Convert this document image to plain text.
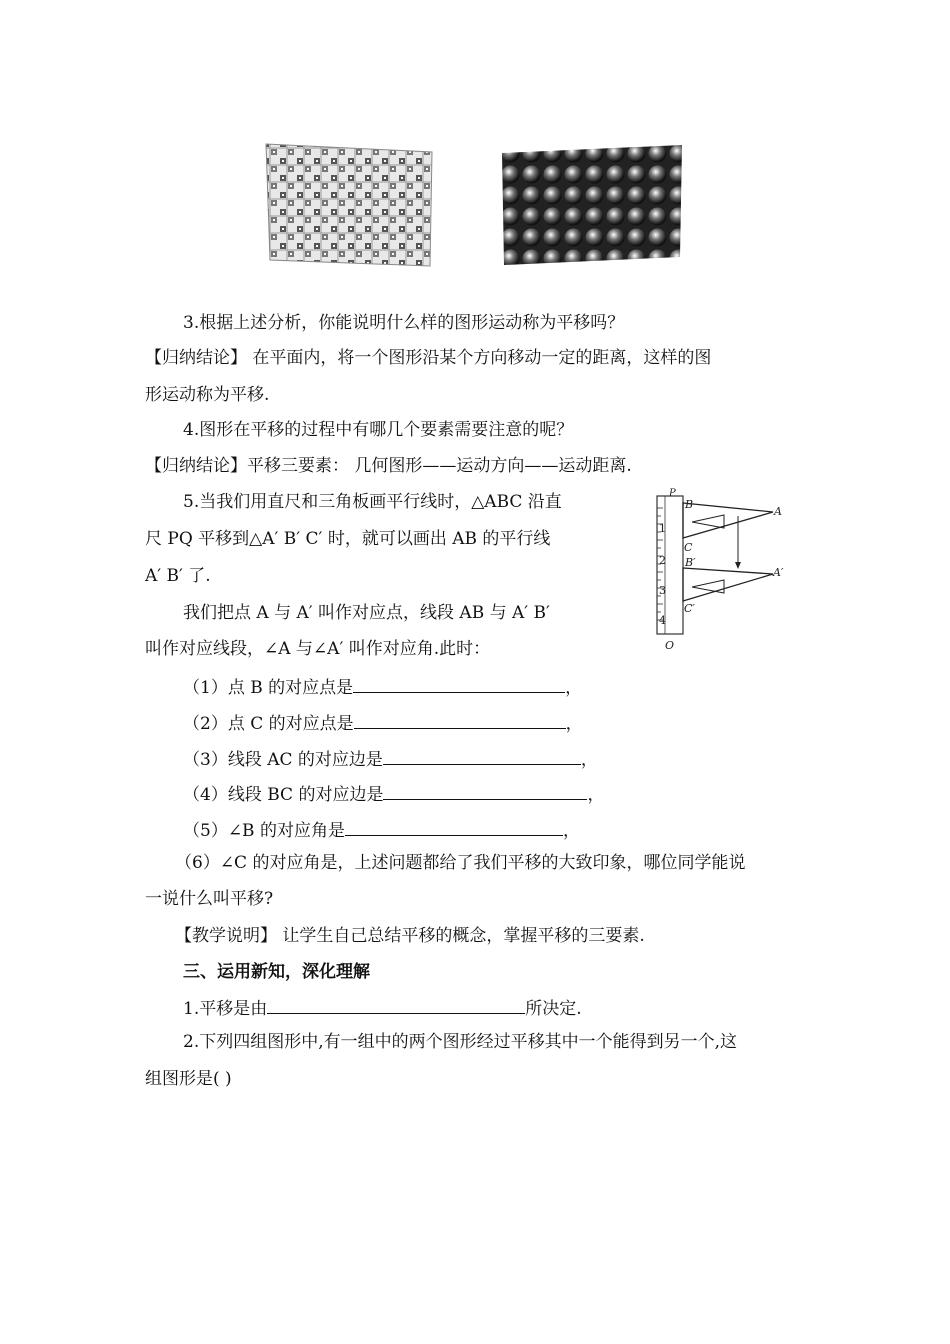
3.根据上述分析，你能说明什么样的图形运动称为平移吗？
【归纳结论】 在平面内，将一个图形沿某个方向移动一定的距离，这样的图
形运动称为平移.
4.图形在平移的过程中有哪几个要素需要注意的呢？
【归纳结论】平移三要素： 几何图形——运动方向——运动距离.
5.当我们用直尺和三角板画平行线时，△ABC 沿直
尺 PQ 平移到△A′ B′ C′ 时，就可以画出 AB 的平行线
A′ B′ 了.
我们把点 A 与 A′ 叫作对应点，线段 AB 与 A′ B′
叫作对应线段，∠A 与∠A′ 叫作对应角.此时：
（1）点 B 的对应点是	，
（2）点 C 的对应点是	，
（3）线段 AC 的对应边是	，
（4）线段 BC 的对应边是	，
（5）∠B 的对应角是	，
（6）∠C 的对应角是，上述问题都给了我们平移的大致印象，哪位同学能说
一说什么叫平移?
【教学说明】 让学生自己总结平移的概念，掌握平移的三要素.
三、运用新知，深化理解
1.平移是由	所决定.
2.下列四组图形中,有一组中的两个图形经过平移其中一个能得到另一个,这
组图形是( )
1
2
3
4
P
B
A
C
B′
A′
C′
O
